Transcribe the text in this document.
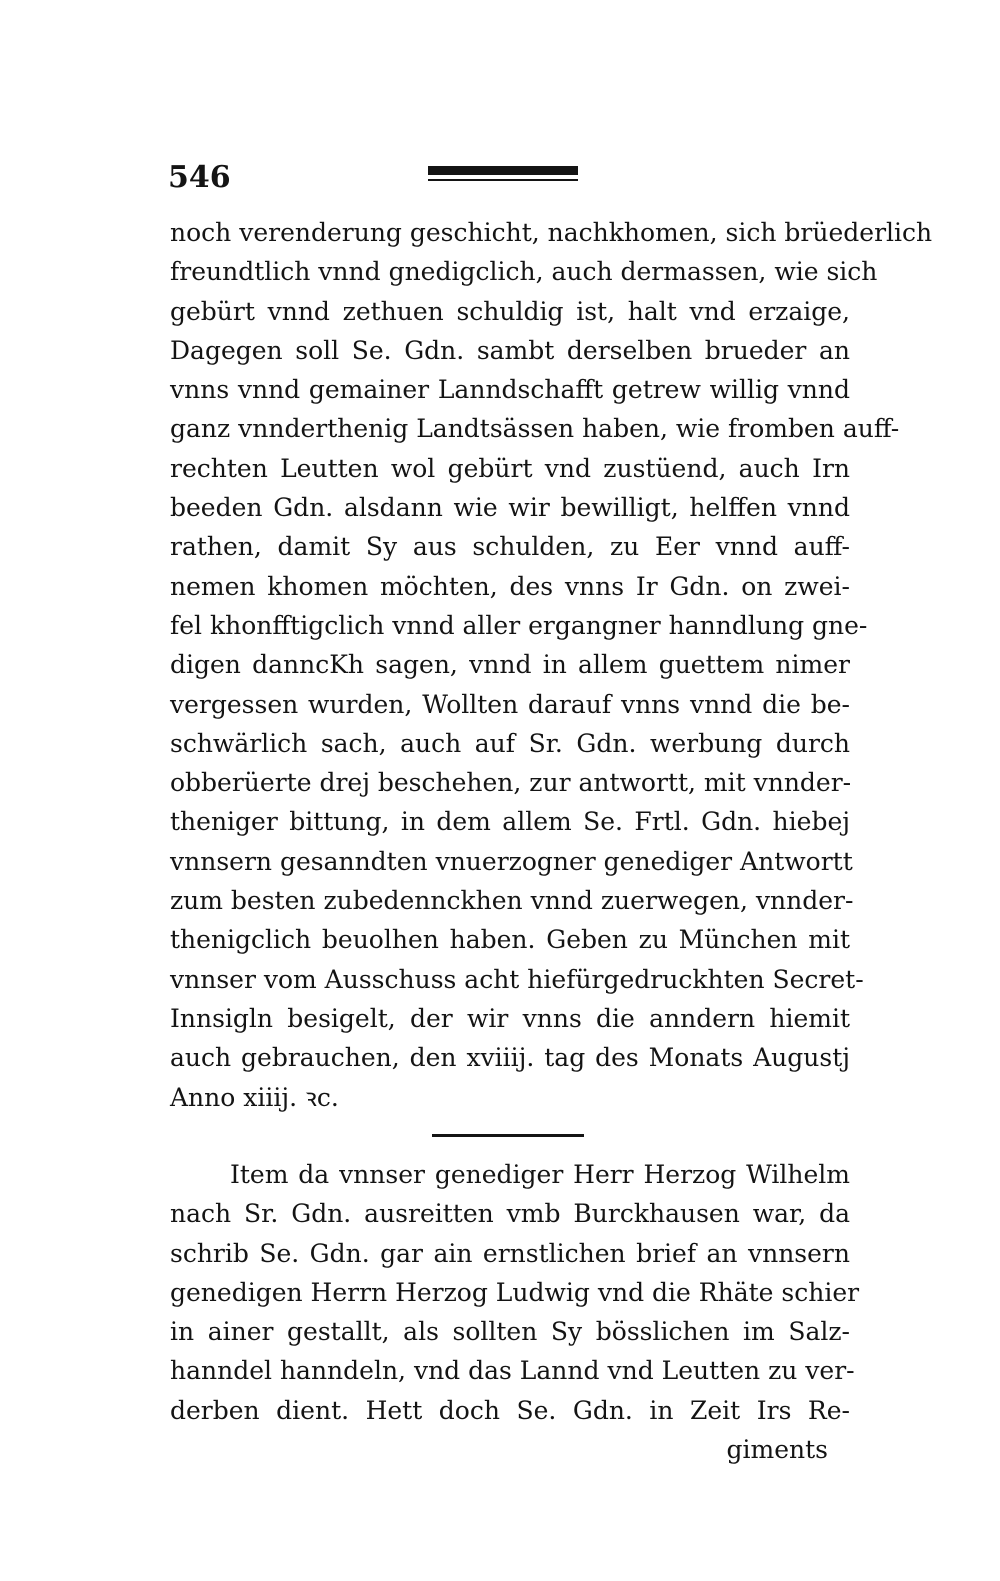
546
noch verenderung geschicht, nachkhomen, sich brüederlich
freundtlich vnnd gnedigclich, auch dermassen, wie sich
gebürt vnnd zethuen schuldig ist, halt vnd erzaige,
Dagegen soll Se. Gdn. sambt derselben brueder an
vnns vnnd gemainer Lanndschafft getrew willig vnnd
ganz vnnderthenig Landtsässen haben, wie fromben auff-
rechten Leutten wol gebürt vnd zustüend, auch Irn
beeden Gdn. alsdann wie wir bewilligt, helffen vnnd
rathen, damit Sy aus schulden, zu Eer vnnd auff-
nemen khomen möchten, des vnns Ir Gdn. on zwei-
fel khonfftigclich vnnd aller ergangner hanndlung gne-
digen danncKh sagen, vnnd in allem guettem nimer
vergessen wurden, Wollten darauf vnns vnnd die be-
schwärlich sach, auch auf Sr. Gdn. werbung durch
obberüerte drej beschehen, zur antwortt, mit vnnder-
theniger bittung, in dem allem Se. Frtl. Gdn. hiebej
vnnsern gesanndten vnuerzogner genediger Antwortt
zum besten zubedennckhen vnnd zuerwegen, vnnder-
thenigclich beuolhen haben. Geben zu München mit
vnnser vom Ausschuss acht hiefürgedruckhten Secret-
Innsigln besigelt, der wir vnns die anndern hiemit
auch gebrauchen, den xviiij. tag des Monats Augustj
Anno xiiij. ꝛc.
Item da vnnser genediger Herr Herzog Wilhelm
nach Sr. Gdn. ausreitten vmb Burckhausen war, da
schrib Se. Gdn. gar ain ernstlichen brief an vnnsern
genedigen Herrn Herzog Ludwig vnd die Rhäte schier
in ainer gestallt, als sollten Sy bösslichen im Salz-
hanndel hanndeln, vnd das Lannd vnd Leutten zu ver-
derben dient. Hett doch Se. Gdn. in Zeit Irs Re-
giments
